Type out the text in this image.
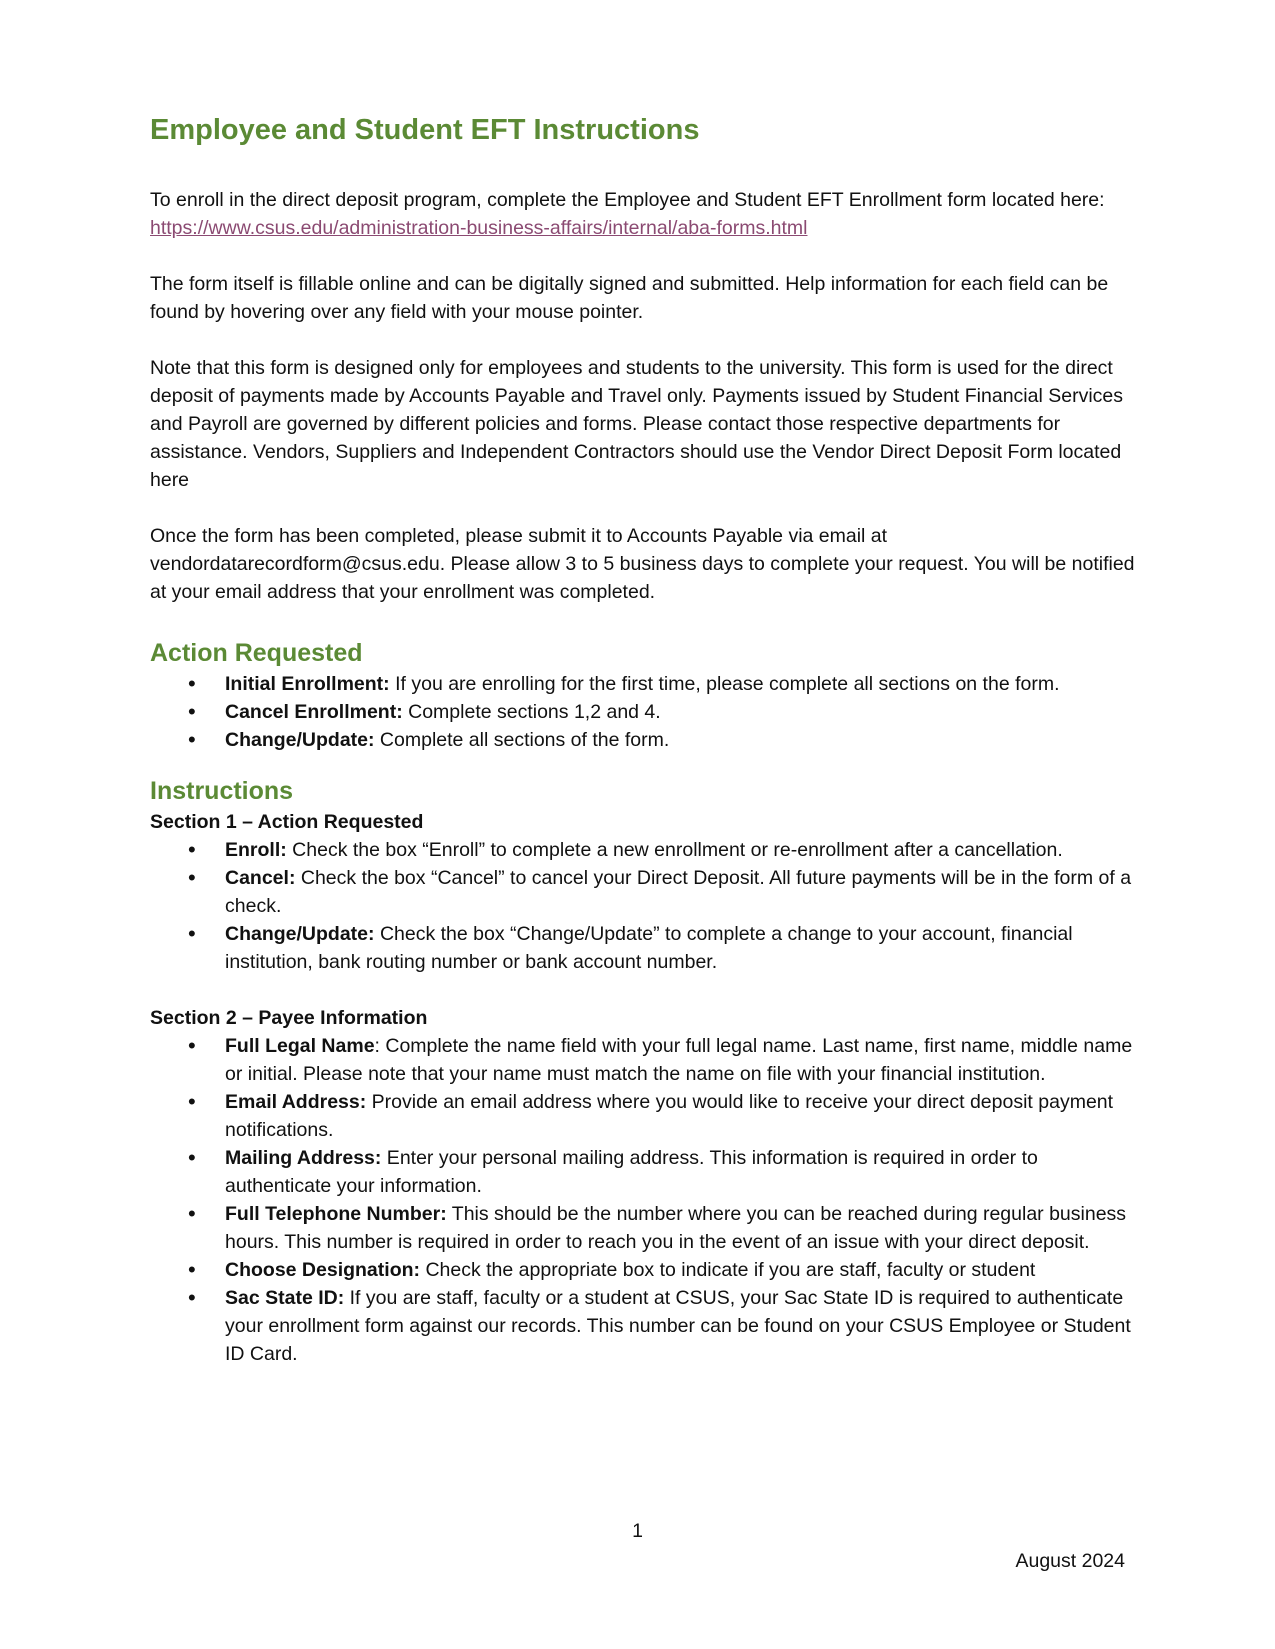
Employee and Student EFT Instructions

To enroll in the direct deposit program, complete the Employee and Student EFT Enrollment form located here:  https://www.csus.edu/administration-business-affairs/internal/aba-forms.html

The form itself is fillable online and can be digitally signed and submitted. Help information for each field can be found by hovering over any field with your mouse pointer.

Note that this form is designed only for employees and students to the university. This form is used for the direct deposit of payments made by Accounts Payable and Travel only. Payments issued by Student Financial Services and Payroll are governed by different policies and forms. Please contact those respective departments for assistance. Vendors, Suppliers and Independent Contractors should use the Vendor Direct Deposit Form located here

Once the form has been completed, please submit it to Accounts Payable via email at vendordatarecordform@csus.edu. Please allow 3 to 5 business days to complete your request. You will be notified at your email address that your enrollment was completed.

Action Requested
• Initial Enrollment: If you are enrolling for the first time, please complete all sections on the form.
• Cancel Enrollment: Complete sections 1,2 and 4.
• Change/Update: Complete all sections of the form.
Instructions
Section 1 – Action Requested
• Enroll: Check the box “Enroll” to complete a new enrollment or re-enrollment after a cancellation.
• Cancel: Check the box “Cancel” to cancel your Direct Deposit. All future payments will be in the form of a check.
• Change/Update: Check the box “Change/Update” to complete a change to your account, financial institution, bank routing number or bank account number.
Section 2 – Payee Information
• Full Legal Name: Complete the name field with your full legal name. Last name, first name, middle name or initial. Please note that your name must match the name on file with your financial institution.
• Email Address: Provide an email address where you would like to receive your direct deposit payment notifications.
• Mailing Address: Enter your personal mailing address. This information is required in order to authenticate your information.
• Full Telephone Number: This should be the number where you can be reached during regular business hours. This number is required in order to reach you in the event of an issue with your direct deposit.
• Choose Designation: Check the appropriate box to indicate if you are staff, faculty or student
• Sac State ID: If you are staff, faculty or a student at CSUS, your Sac State ID is required to authenticate your enrollment form against our records. This number can be found on your CSUS Employee or Student ID Card.
1
August 2024
